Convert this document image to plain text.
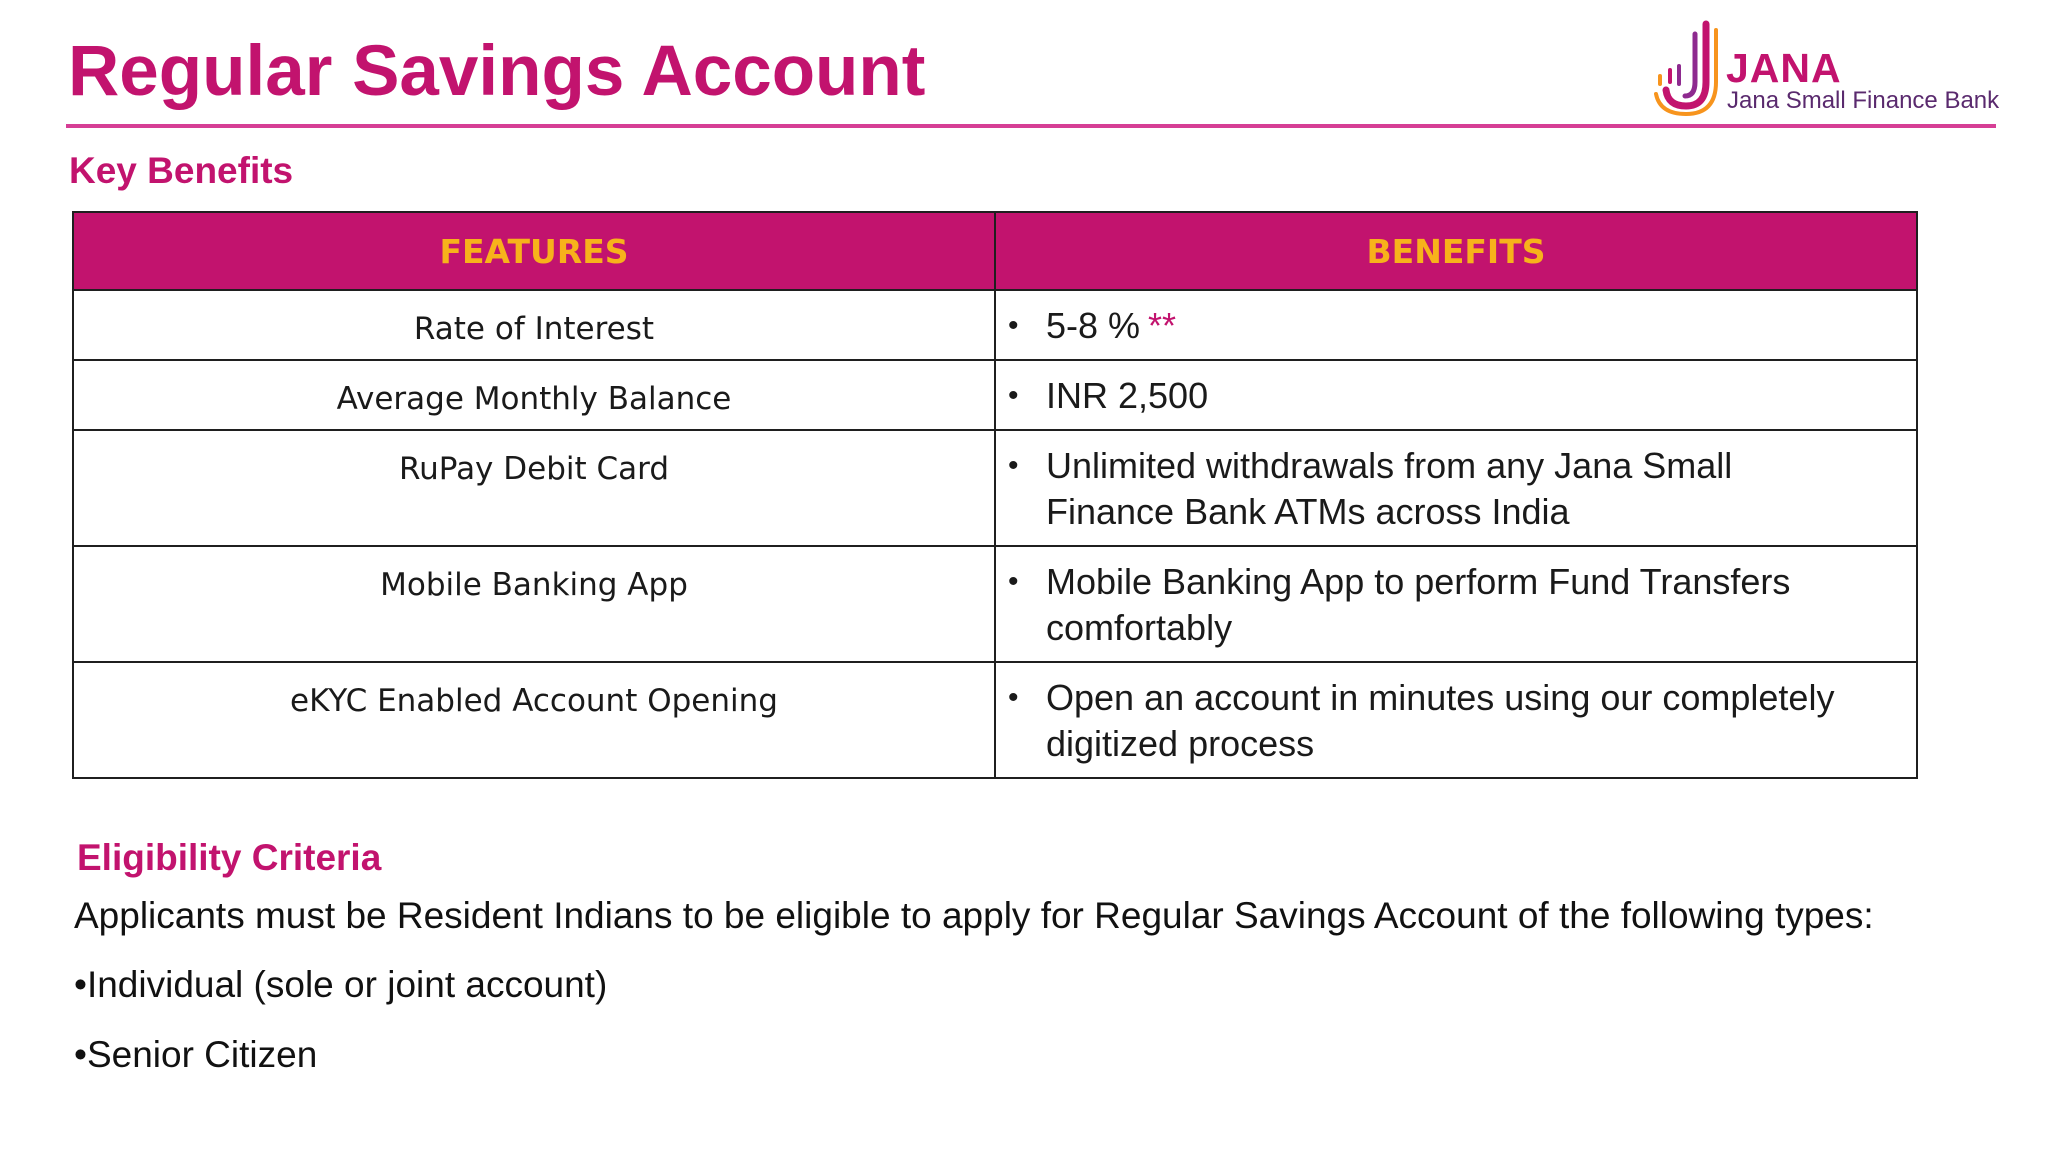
Regular Savings Account	JANA
Jana Small Finance Bank
Key Benefits
FEATURES	BENEFITS
Rate of Interest	• 5-8 % **

Average Monthly Balance	• INR 2,500

RuPay Debit Card	• Unlimited withdrawals from any Jana Small Finance Bank ATMs across India

Mobile Banking App	• Mobile Banking App to perform Fund Transfers comfortably

eKYC Enabled Account Opening	• Open an account in minutes using our completely digitized process
Eligibility Criteria

Applicants must be Resident Indians to be eligible to apply for Regular Savings Account of the following types:

•Individual (sole or joint account)

•Senior Citizen
